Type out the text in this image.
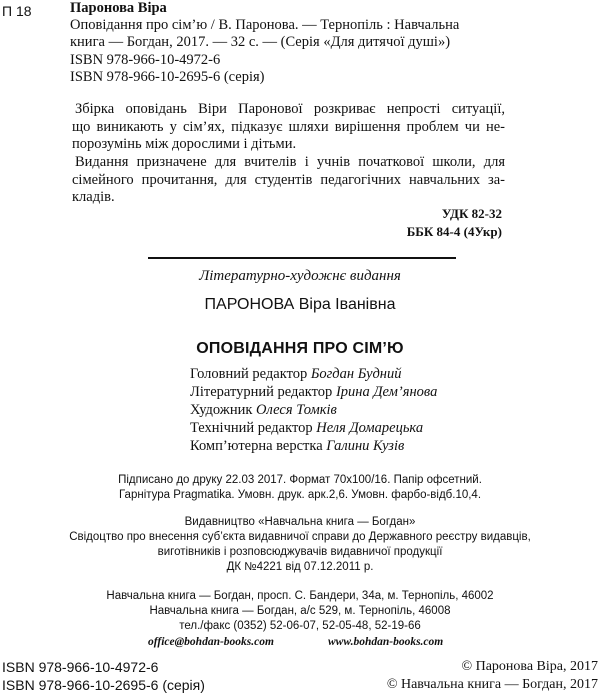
П 18	Паронова Віра
Оповідання про сім’ю / В. Паронова. — Тернопіль : Навчальна
книга — Богдан, 2017. — 32 с. — (Серія «Для дитячої душі»)
ISBN 978-966-10-4972-6
ISBN 978-966-10-2695-6 (серія)
Збірка оповідань Віри Паронової розкриває непрості ситуації,
що виникають у сім’ях, підказує шляхи вирішення проблем чи не-
порозумінь між дорослими і дітьми.
Видання призначене для вчителів і учнів початкової школи, для
сімейного прочитання, для студентів педагогічних навчальних за-
кладів.
УДК 82-32
ББК 84-4 (4Укр)
Літературно-художнє видання
ПАРОНОВА Віра Іванівна
ОПОВІДАННЯ ПРО СІМ’Ю
Головний редактор Богдан Будний
Літературний редактор Ірина Дем’янова
Художник Олеся Томків
Технічний редактор Неля Домарецька
Комп’ютерна верстка Галини Кузів
Підписано до друку 22.03 2017. Формат 70х100/16. Папір офсетний.
Гарнітура Pragmatika. Умовн. друк. арк.2,6. Умовн. фарбо-відб.10,4.
Видавництво «Навчальна книга — Богдан»
Свідоцтво про внесення суб’єкта видавничої справи до Державного реєстру видавців,
виготівників і розповсюджувачів видавничої продукції
ДК №4221 від 07.12.2011 р.
Навчальна книга — Богдан, просп. С. Бандери, 34а, м. Тернопіль, 46002
Навчальна книга — Богдан, а/с 529, м. Тернопіль, 46008
тел./факс (0352) 52-06-07, 52-05-48, 52-19-66
office@bohdan-books.com	www.bohdan-books.com
ISBN 978-966-10-4972-6
ISBN 978-966-10-2695-6 (серія)
© Паронова Віра, 2017
© Навчальна книга — Богдан, 2017
